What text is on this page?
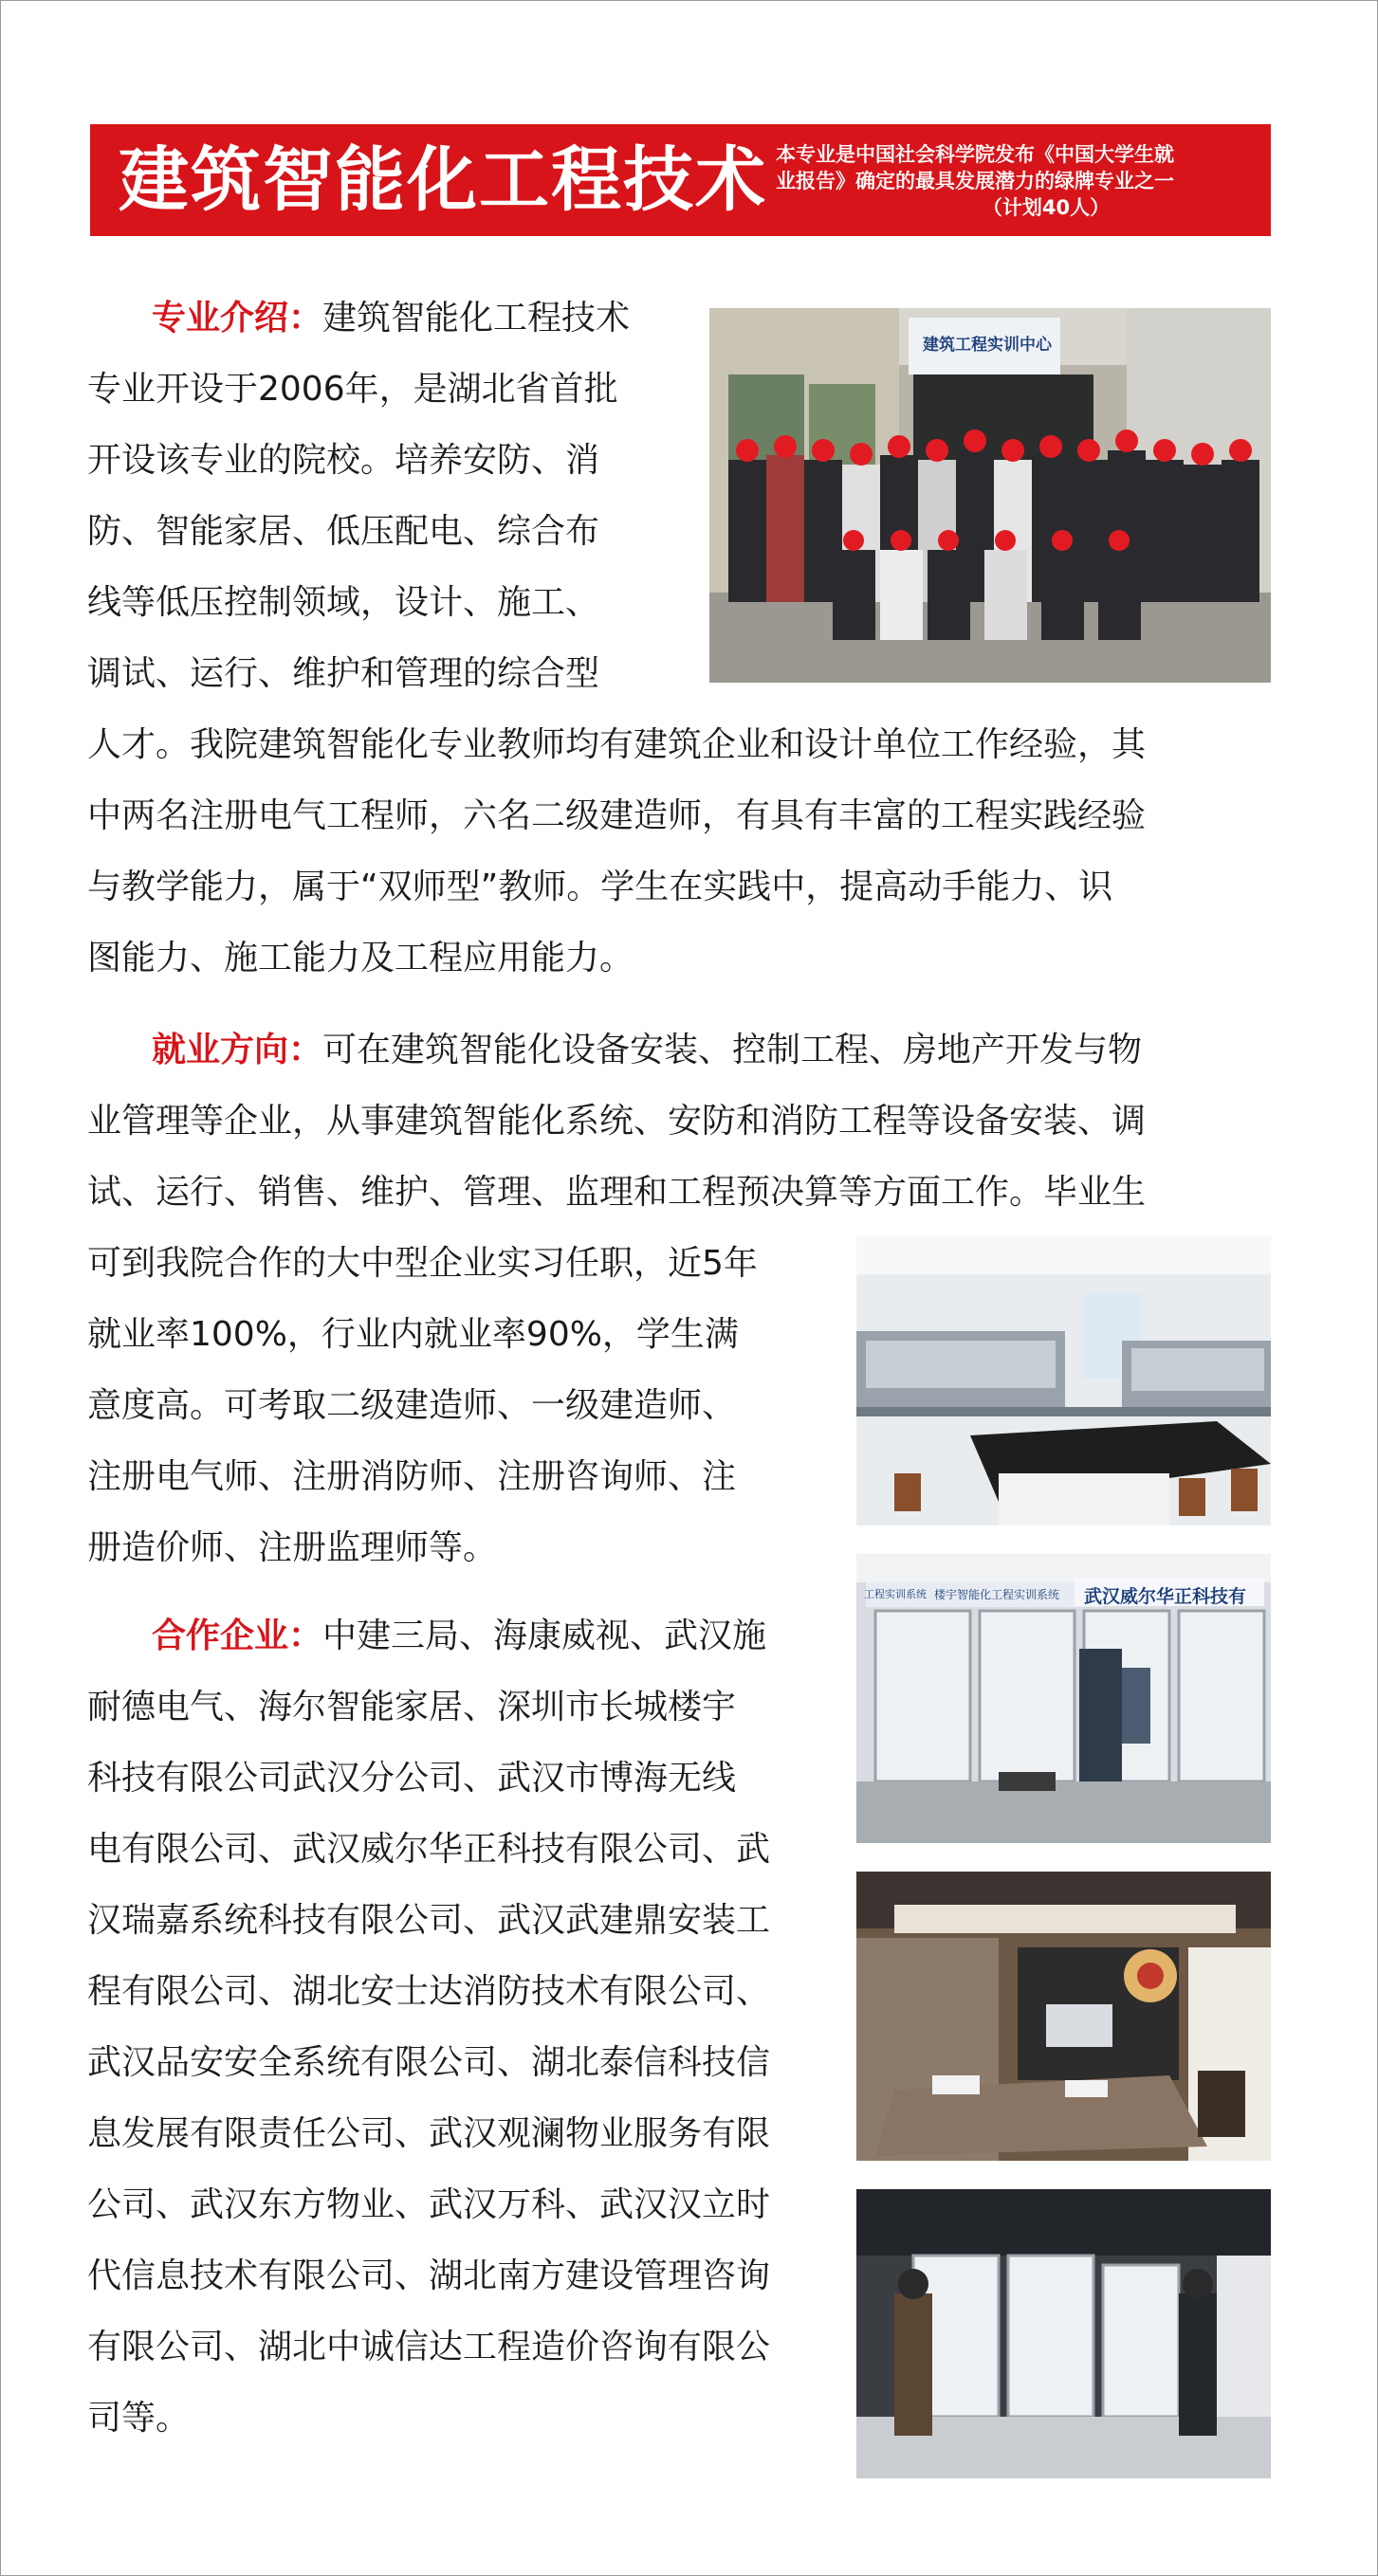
建筑智能化工程技术 本专业是中国社会科学院发布《中国大学生就
业报告》确定的最具发展潜力的绿牌专业之一

（计划40人）
建筑工程实训中心
工程实训系统 楼宇智能化工程实训系统 武汉威尔华正科技有

专业介绍：建筑智能化工程技术

专业开设于2006年，是湖北省首批

开设该专业的院校。培养安防、消

防、智能家居、低压配电、综合布

线等低压控制领域，设计、施工、

调试、运行、维护和管理的综合型

人才。我院建筑智能化专业教师均有建筑企业和设计单位工作经验，其

中两名注册电气工程师，六名二级建造师，有具有丰富的工程实践经验

与教学能力，属于“双师型”教师。学生在实践中，提高动手能力、识

图能力、施工能力及工程应用能力。

就业方向：可在建筑智能化设备安装、控制工程、房地产开发与物

业管理等企业，从事建筑智能化系统、安防和消防工程等设备安装、调

试、运行、销售、维护、管理、监理和工程预决算等方面工作。毕业生

可到我院合作的大中型企业实习任职，近5年

就业率100%，行业内就业率90%，学生满

意度高。可考取二级建造师、一级建造师、

注册电气师、注册消防师、注册咨询师、注

册造价师、注册监理师等。

合作企业：中建三局、海康威视、武汉施

耐德电气、海尔智能家居、深圳市长城楼宇

科技有限公司武汉分公司、武汉市博海无线

电有限公司、武汉威尔华正科技有限公司、武

汉瑞嘉系统科技有限公司、武汉武建鼎安装工

程有限公司、湖北安士达消防技术有限公司、

武汉品安安全系统有限公司、湖北泰信科技信

息发展有限责任公司、武汉观澜物业服务有限

公司、武汉东方物业、武汉万科、武汉汉立时

代信息技术有限公司、湖北南方建设管理咨询

有限公司、湖北中诚信达工程造价咨询有限公

司等。
